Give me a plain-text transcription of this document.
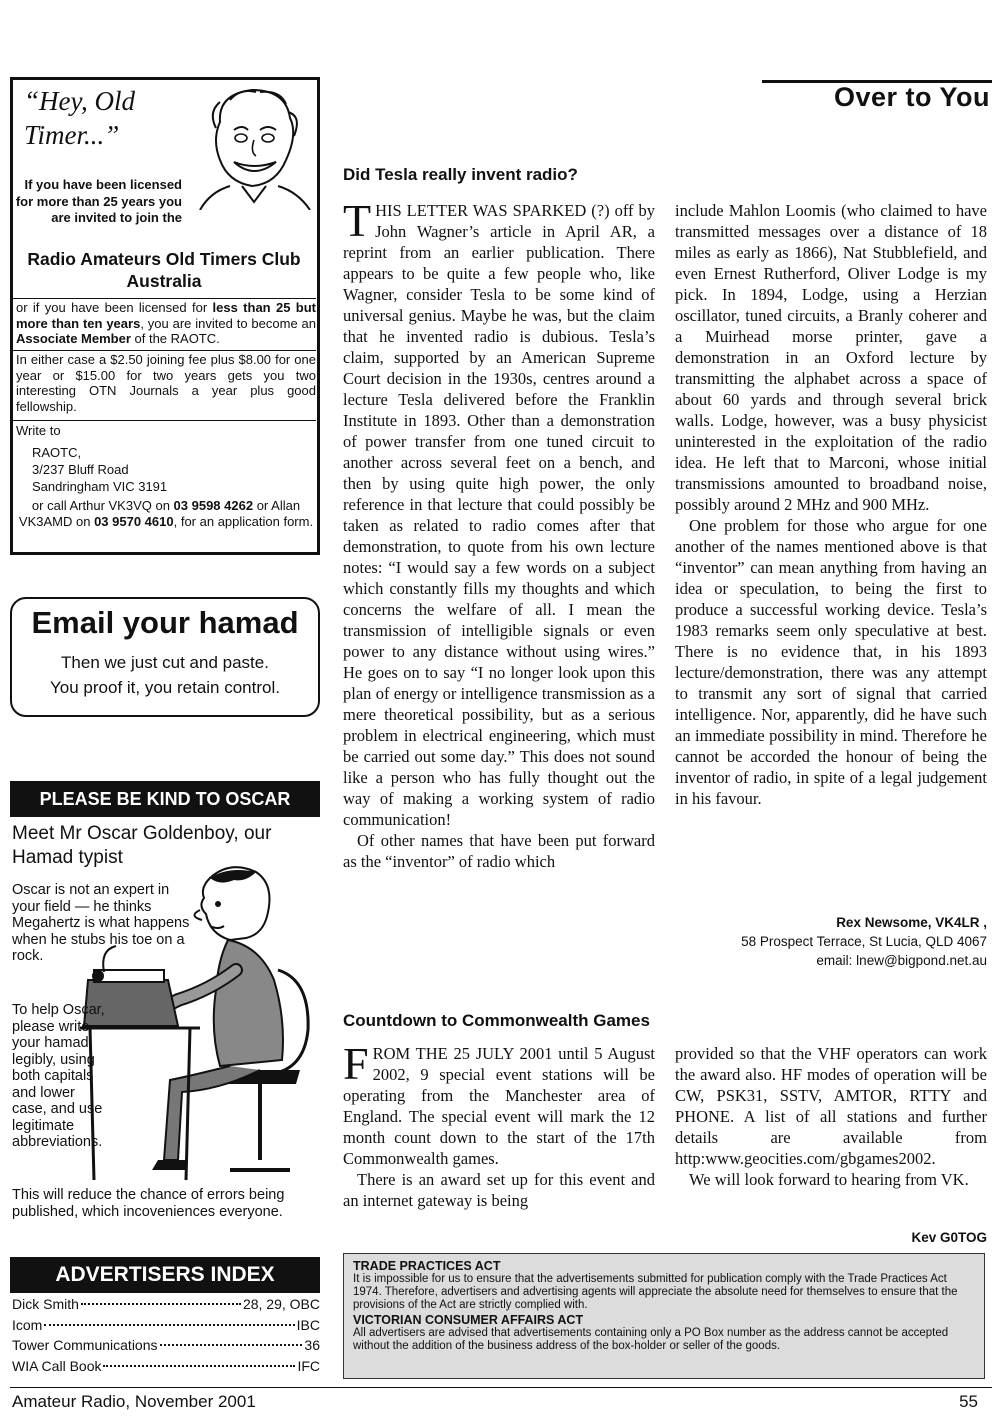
“Hey, Old Timer...”
If you have been licensed for more than 25 years you are invited to join the
Radio Amateurs Old Timers Club Australia
or if you have been licensed for less than 25 but more than ten years, you are invited to become an Associate Member of the RAOTC.
In either case a $2.50 joining fee plus $8.00 for one year or $15.00 for two years gets you two interesting OTN Journals a year plus good fellowship.
Write to
RAOTC,
3/237 Bluff Road
Sandringham VIC 3191
or call Arthur VK3VQ on 03 9598 4262 or Allan VK3AMD on 03 9570 4610, for an application form.
Email your hamad
Then we just cut and paste.
You proof it, you retain control.
PLEASE BE KIND TO OSCAR
Meet Mr Oscar Goldenboy, our Hamad typist
Oscar is not an expert in your field — he thinks Megahertz is what happens when he stubs his toe on a rock.
To help Oscar, please write your hamad legibly, using both capitals and lower case, and use legitimate abbreviations.
This will reduce the chance of errors being published, which incoveniences everyone.
ADVERTISERS INDEX
Dick Smith	28, 29, OBC
Icom	IBC
Tower Communications	36
WIA Call Book	IFC
Over to You
Did Tesla really invent radio?

THIS LETTER WAS SPARKED (?) off by John Wagner’s article in April AR, a reprint from an earlier publication. There appears to be quite a few people who, like Wagner, consider Tesla to be some kind of universal genius. Maybe he was, but the claim that he invented radio is dubious. Tesla’s claim, supported by an American Supreme Court decision in the 1930s, centres around a lecture Tesla delivered before the Franklin Institute in 1893. Other than a demonstration of power transfer from one tuned circuit to another across several feet on a bench, and then by using quite high power, the only reference in that lecture that could possibly be taken as related to radio comes after that demonstration, to quote from his own lecture notes: “I would say a few words on a subject which constantly fills my thoughts and which concerns the welfare of all. I mean the transmission of intelligible signals or even power to any distance without using wires.” He goes on to say “I no longer look upon this plan of energy or intelligence transmission as a mere theoretical possibility, but as a serious problem in electrical engineering, which must be carried out some day.” This does not sound like a person who has fully thought out the way of making a working system of radio communication!

Of other names that have been put forward as the “inventor” of radio which

include Mahlon Loomis (who claimed to have transmitted messages over a distance of 18 miles as early as 1866), Nat Stubblefield, and even Ernest Rutherford, Oliver Lodge is my pick. In 1894, Lodge, using a Herzian oscillator, tuned circuits, a Branly coherer and a Muirhead morse printer, gave a demonstration in an Oxford lecture by transmitting the alphabet across a space of about 60 yards and through several brick walls. Lodge, however, was a busy physicist uninterested in the exploitation of the radio idea. He left that to Marconi, whose initial transmissions amounted to broadband noise, possibly around 2 MHz and 900 MHz.

One problem for those who argue for one another of the names mentioned above is that “inventor” can mean anything from having an idea or speculation, to being the first to produce a successful working device. Tesla’s 1983 remarks seem only speculative at best. There is no evidence that, in his 1893 lecture/demonstration, there was any attempt to transmit any sort of signal that carried intelligence. Nor, apparently, did he have such an immediate possibility in mind. Therefore he cannot be accorded the honour of being the inventor of radio, in spite of a legal judgement in his favour.

Rex Newsome, VK4LR ,
58 Prospect Terrace, St Lucia, QLD 4067
email: lnew@bigpond.net.au
Countdown to Commonwealth Games

FROM THE 25 JULY 2001 until 5 August 2002, 9 special event stations will be operating from the Manchester area of England. The special event will mark the 12 month count down to the start of the 17th Commonwealth games.

There is an award set up for this event and an internet gateway is being

provided so that the VHF operators can work the award also. HF modes of operation will be CW, PSK31, SSTV, AMTOR, RTTY and PHONE. A list of all stations and further details are available from http:www.geocities.com/gbgames2002.

We will look forward to hearing from VK.

Kev G0TOG
TRADE PRACTICES ACT
It is impossible for us to ensure that the advertisements submitted for publication comply with the Trade Practices Act 1974. Therefore, advertisers and advertising agents will appreciate the absolute need for themselves to ensure that the provisions of the Act are strictly complied with.
VICTORIAN CONSUMER AFFAIRS ACT
All advertisers are advised that advertisements containing only a PO Box number as the address cannot be accepted without the addition of the business address of the box-holder or seller of the goods.
Amateur Radio, November 2001	55
